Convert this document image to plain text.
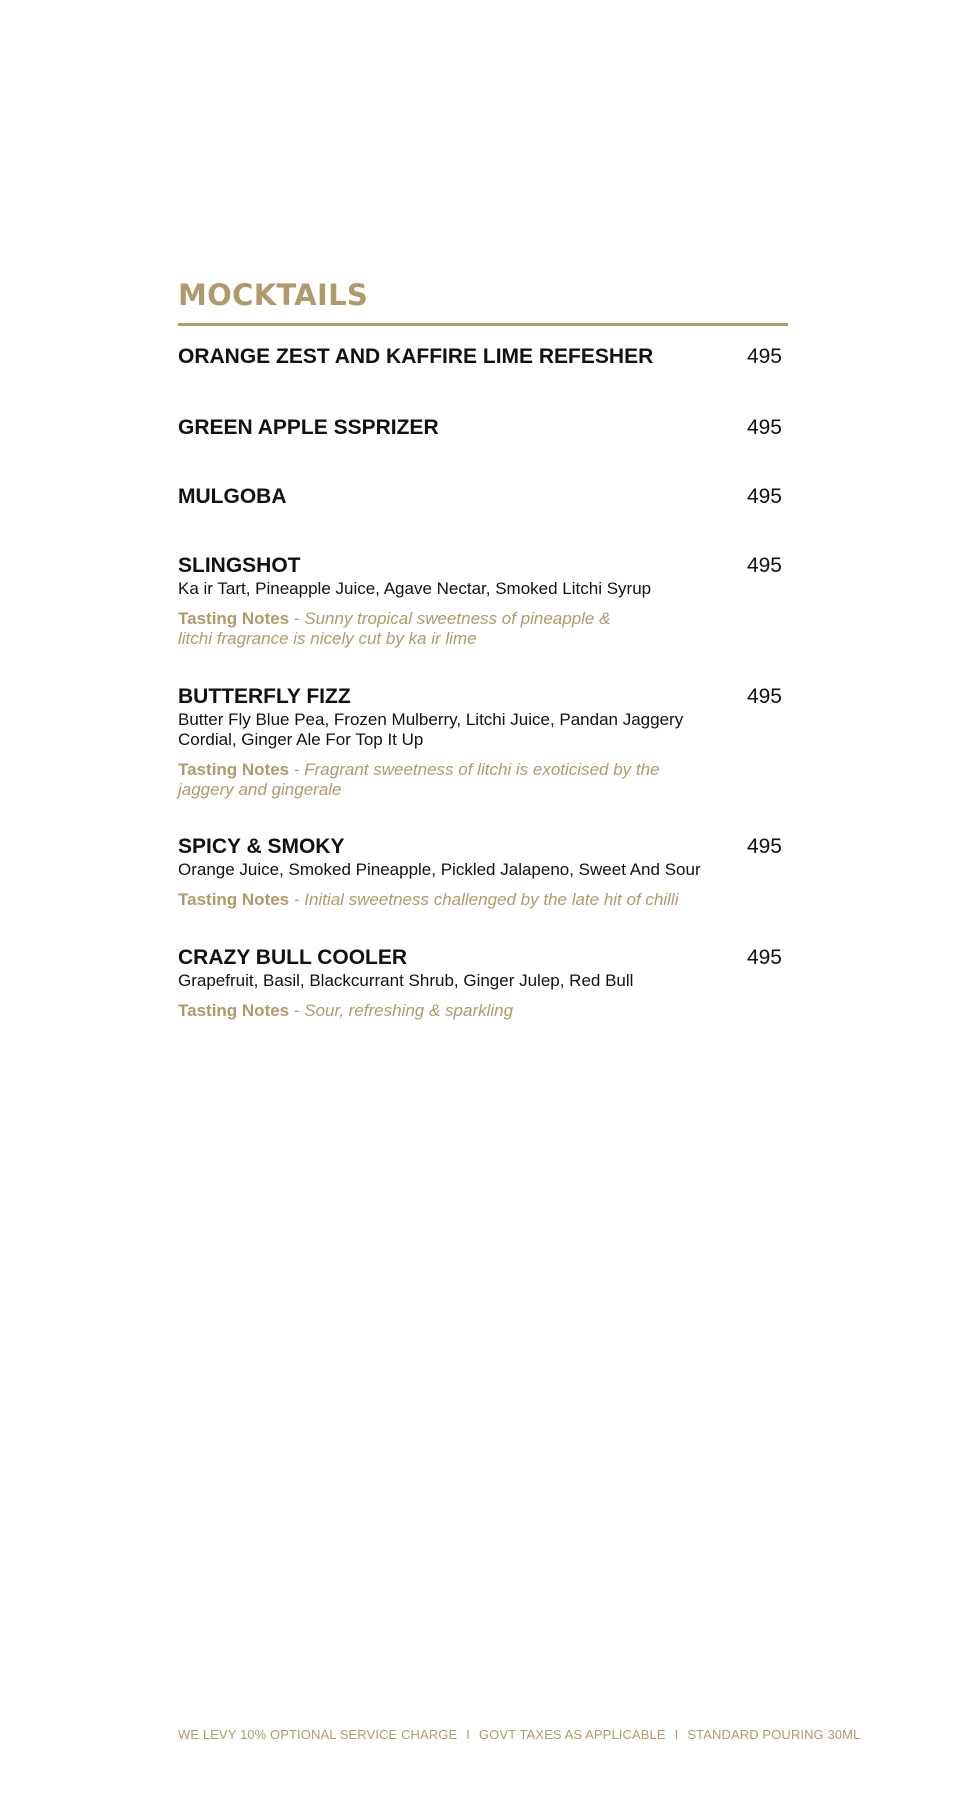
MOCKTAILS

ORANGE ZEST AND KAFFIRE LIME REFESHER	495

GREEN APPLE SSPRIZER	495

MULGOBA	495

SLINGSHOT	495

Ka ir Tart, Pineapple Juice, Agave Nectar, Smoked Litchi Syrup

Tasting Notes - Sunny tropical sweetness of pineapple &
litchi fragrance is nicely cut by ka ir lime

BUTTERFLY FIZZ	495

Butter Fly Blue Pea, Frozen Mulberry, Litchi Juice, Pandan Jaggery

Cordial, Ginger Ale For Top It Up

Tasting Notes - Fragrant sweetness of litchi is exoticised by the
jaggery and gingerale

SPICY & SMOKY	495

Orange Juice, Smoked Pineapple, Pickled Jalapeno, Sweet And Sour

Tasting Notes - Initial sweetness challenged by the late hit of chilli

CRAZY BULL COOLER	495

Grapefruit, Basil, Blackcurrant Shrub, Ginger Julep, Red Bull

Tasting Notes - Sour, refreshing & sparkling

WE LEVY 10% OPTIONAL SERVICE CHARGE I GOVT TAXES AS APPLICABLE I STANDARD POURING 30ML
